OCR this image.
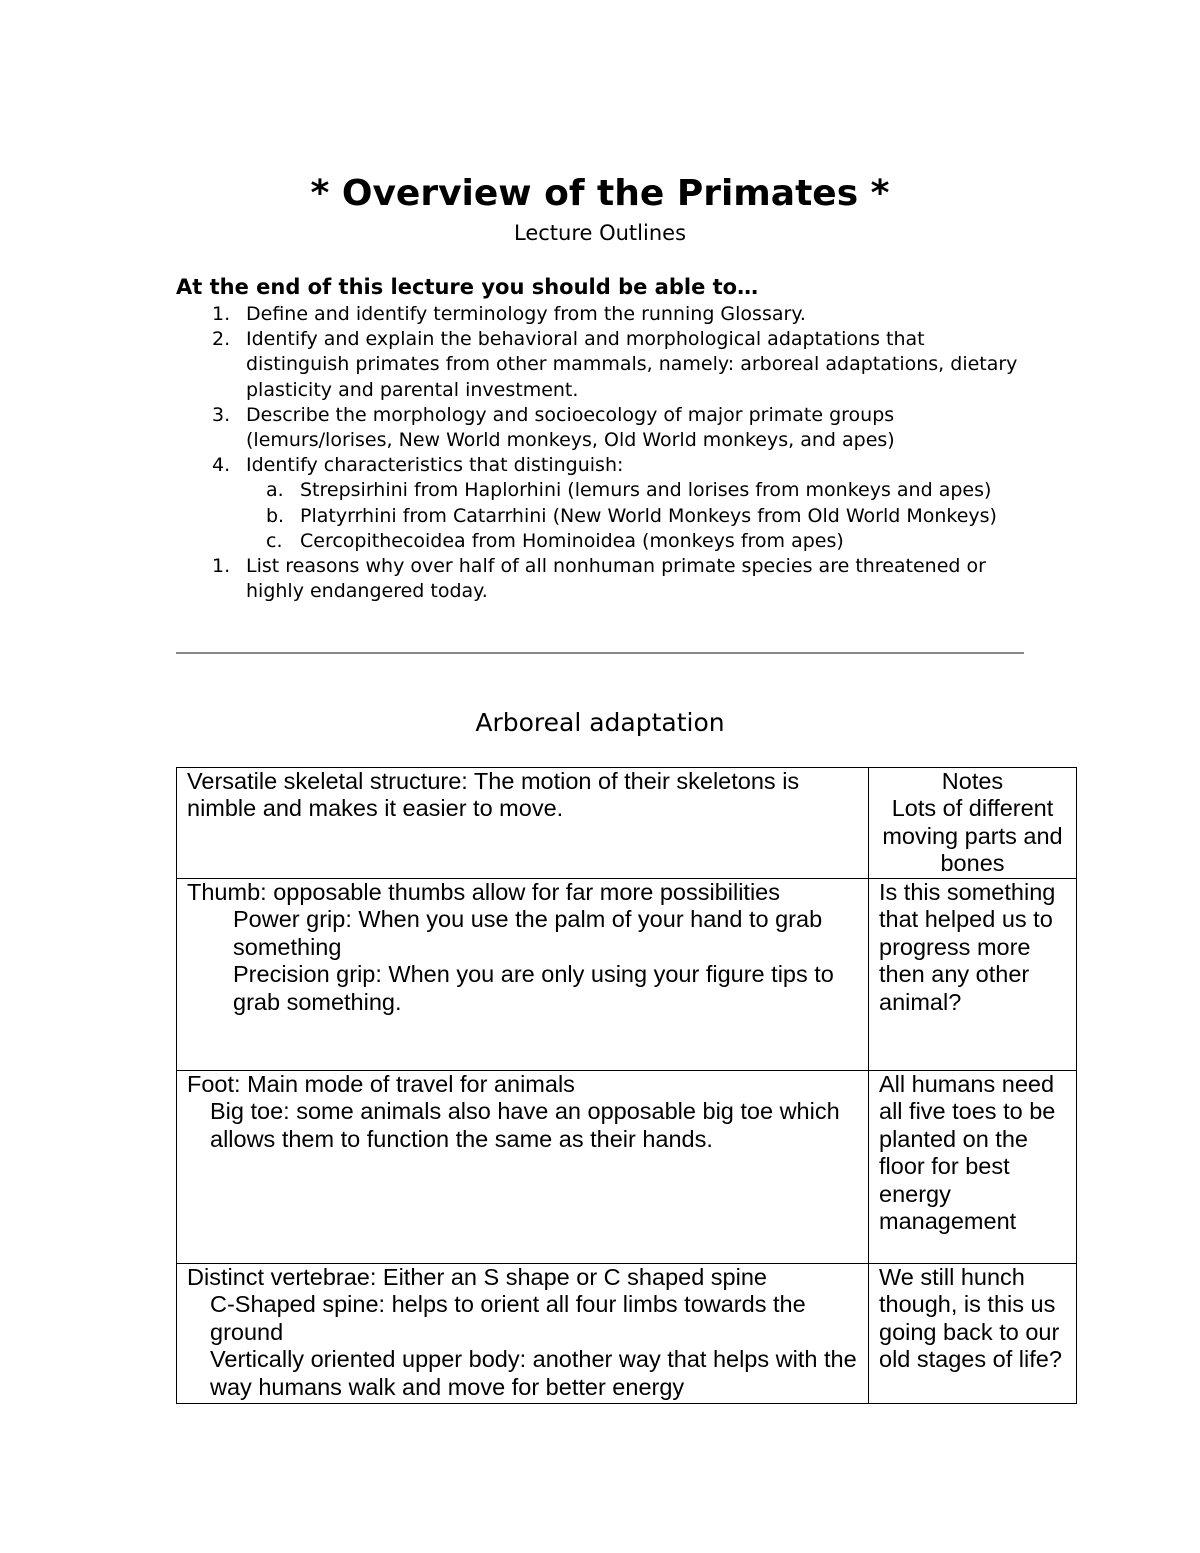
* Overview of the Primates *
Lecture Outlines
At the end of this lecture you should be able to…
1. Define and identify terminology from the running Glossary.
2. Identify and explain the behavioral and morphological adaptations that distinguish primates from other mammals, namely: arboreal adaptations, dietary plasticity and parental investment.
3. Describe the morphology and socioecology of major primate groups (lemurs/lorises, New World monkeys, Old World monkeys, and apes)
4. Identify characteristics that distinguish:
a. Strepsirhini from Haplorhini (lemurs and lorises from monkeys and apes)
b. Platyrrhini from Catarrhini (New World Monkeys from Old World Monkeys)
c. Cercopithecoidea from Hominoidea (monkeys from apes)
1. List reasons why over half of all nonhuman primate species are threatened or highly endangered today.
Arboreal adaptation
Versatile skeletal structure: The motion of their skeletons is nimble and makes it easier to move.	Notes
Lots of different moving parts and bones

Thumb: opposable thumbs allow for far more possibilities
Power grip: When you use the palm of your hand to grab something
Precision grip: When you are only using your figure tips to grab something.	Is this something that helped us to progress more then any other animal?

Foot: Main mode of travel for animals
Big toe: some animals also have an opposable big toe which allows them to function the same as their hands.	All humans need all five toes to be planted on the floor for best energy management

Distinct vertebrae: Either an S shape or C shaped spine
C-Shaped spine: helps to orient all four limbs towards the ground
Vertically oriented upper body: another way that helps with the way humans walk and move for better energy	We still hunch though, is this us going back to our old stages of life?
